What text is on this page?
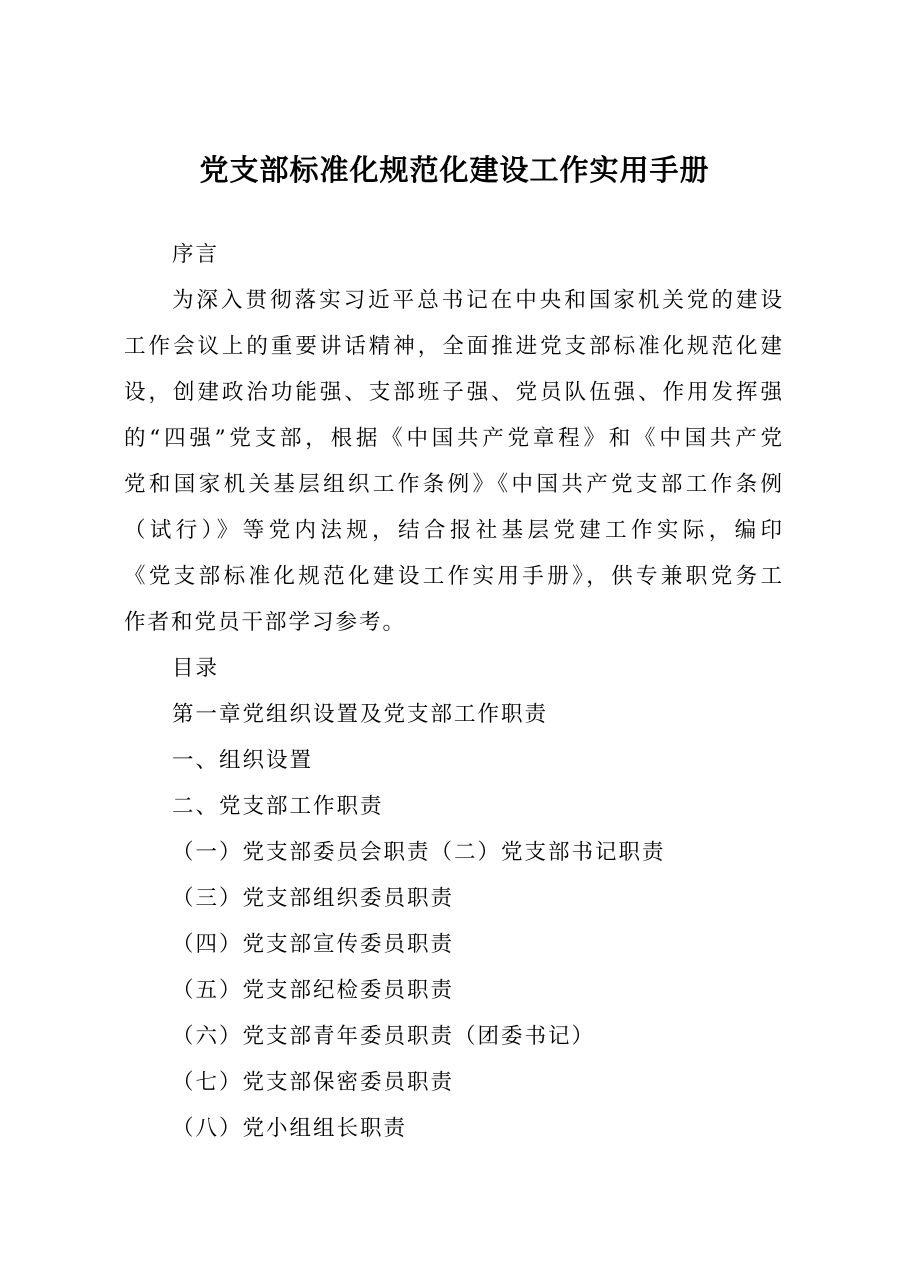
党支部标准化规范化建设工作实用手册
序言
为深入贯彻落实习近平总书记在中央和国家机关党的建设
工作会议上的重要讲话精神，全面推进党支部标准化规范化建
设，创建政治功能强、支部班子强、党员队伍强、作用发挥强
的“四强”党支部，根据《中国共产党章程》和《中国共产党
党和国家机关基层组织工作条例》《中国共产党支部工作条例
（试行）》等党内法规，结合报社基层党建工作实际，编印
《党支部标准化规范化建设工作实用手册》，供专兼职党务工
作者和党员干部学习参考。
目录
第一章党组织设置及党支部工作职责
一、组织设置
二、党支部工作职责
（一）党支部委员会职责（二）党支部书记职责
（三）党支部组织委员职责
（四）党支部宣传委员职责
（五）党支部纪检委员职责
（六）党支部青年委员职责（团委书记）
（七）党支部保密委员职责
（八）党小组组长职责
